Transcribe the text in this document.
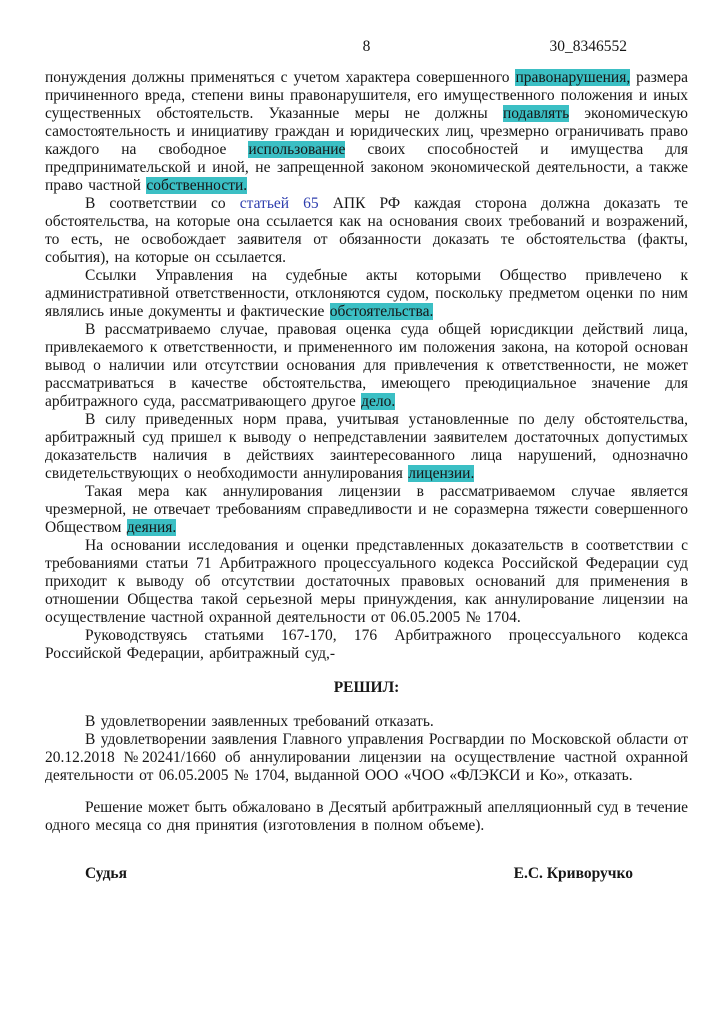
8	30_8346552

понуждения должны применяться с учетом характера совершенного правонарушения, размера причиненного вреда, степени вины правонарушителя, его имущественного положения и иных существенных обстоятельств. Указанные меры не должны подавлять экономическую самостоятельность и инициативу граждан и юридических лиц, чрезмерно ограничивать право каждого на свободное использование своих способностей и имущества для предпринимательской и иной, не запрещенной законом экономической деятельности, а также право частной собственности.

В соответствии со статьей 65 АПК РФ каждая сторона должна доказать те обстоятельства, на которые она ссылается как на основания своих требований и возражений, то есть, не освобождает заявителя от обязанности доказать те обстоятельства (факты, события), на которые он ссылается.

Ссылки Управления на судебные акты которыми Общество привлечено к административной ответственности, отклоняются судом, поскольку предметом оценки по ним являлись иные документы и фактические обстоятельства.

В рассматриваемо случае, правовая оценка суда общей юрисдикции действий лица, привлекаемого к ответственности, и примененного им положения закона, на которой основан вывод о наличии или отсутствии основания для привлечения к ответственности, не может рассматриваться в качестве обстоятельства, имеющего преюдициальное значение для арбитражного суда, рассматривающего другое дело.

В силу приведенных норм права, учитывая установленные по делу обстоятельства, арбитражный суд пришел к выводу о непредставлении заявителем достаточных допустимых доказательств наличия в действиях заинтересованного лица нарушений, однозначно свидетельствующих о необходимости аннулирования лицензии.

Такая мера как аннулирования лицензии в рассматриваемом случае является чрезмерной, не отвечает требованиям справедливости и не соразмерна тяжести совершенного Обществом деяния.

На основании исследования и оценки представленных доказательств в соответствии с требованиями статьи 71 Арбитражного процессуального кодекса Российской Федерации суд приходит к выводу об отсутствии достаточных правовых оснований для применения в отношении Общества такой серьезной меры принуждения, как аннулирование лицензии на осуществление частной охранной деятельности от 06.05.2005 № 1704.

Руководствуясь статьями 167-170, 176 Арбитражного процессуального кодекса Российской Федерации, арбитражный суд,-

РЕШИЛ:

В удовлетворении заявленных требований отказать.

В удовлетворении заявления Главного управления Росгвардии по Московской области от 20.12.2018 №20241/1660 об аннулировании лицензии на осуществление частной охранной деятельности от 06.05.2005 № 1704, выданной ООО «ЧОО «ФЛЭКСИ и Ко», отказать.

Решение может быть обжаловано в Десятый арбитражный апелляционный суд в течение одного месяца со дня принятия (изготовления в полном объеме).

Судья	Е.С. Криворучко
